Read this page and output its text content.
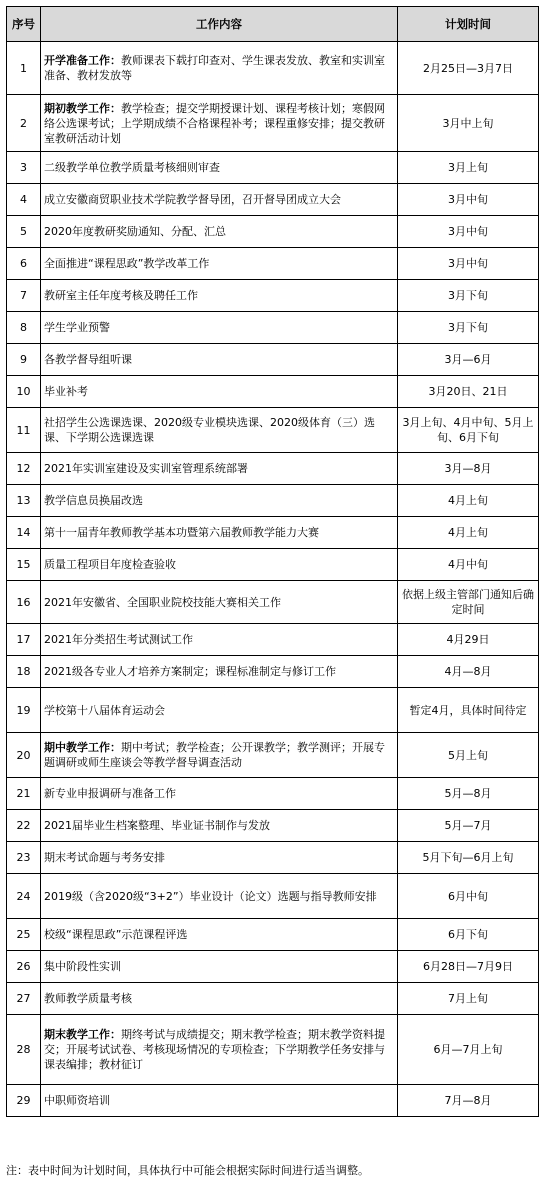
序号	工作内容	计划时间
1	开学准备工作：教师课表下载打印查对、学生课表发放、教室和实训室准备、教材发放等	2月25日—3月7日
2	期初教学工作：教学检查；提交学期授课计划、课程考核计划；寒假网络公选课考试；上学期成绩不合格课程补考；课程重修安排；提交教研室教研活动计划	3月中上旬
3	二级教学单位教学质量考核细则审查	3月上旬
4	成立安徽商贸职业技术学院教学督导团，召开督导团成立大会	3月中旬
5	2020年度教研奖励通知、分配、汇总	3月中旬
6	全面推进“课程思政”教学改革工作	3月中旬
7	教研室主任年度考核及聘任工作	3月下旬
8	学生学业预警	3月下旬
9	各教学督导组听课	3月—6月
10	毕业补考	3月20日、21日
11	社招学生公选课选课、2020级专业模块选课、2020级体育（三）选课、下学期公选课选课	3月上旬、4月中旬、5月上旬、6月下旬
12	2021年实训室建设及实训室管理系统部署	3月—8月
13	教学信息员换届改选	4月上旬
14	第十一届青年教师教学基本功暨第六届教师教学能力大赛	4月上旬
15	质量工程项目年度检查验收	4月中旬
16	2021年安徽省、全国职业院校技能大赛相关工作	依据上级主管部门通知后确定时间
17	2021年分类招生考试测试工作	4月29日
18	2021级各专业人才培养方案制定；课程标准制定与修订工作	4月—8月
19	学校第十八届体育运动会	暂定4月，具体时间待定
20	期中教学工作：期中考试；教学检查；公开课教学；教学测评；开展专题调研或师生座谈会等教学督导调查活动	5月上旬
21	新专业申报调研与准备工作	5月—8月
22	2021届毕业生档案整理、毕业证书制作与发放	5月—7月
23	期末考试命题与考务安排	5月下旬—6月上旬
24	2019级（含2020级“3+2”）毕业设计（论文）选题与指导教师安排	6月中旬
25	校级“课程思政”示范课程评选	6月下旬
26	集中阶段性实训	6月28日—7月9日
27	教师教学质量考核	7月上旬
28	期末教学工作：期终考试与成绩提交；期末教学检查；期末教学资料提交；开展考试试卷、考核现场情况的专项检查；下学期教学任务安排与课表编排；教材征订	6月—7月上旬
29	中职师资培训	7月—8月
注：表中时间为计划时间，具体执行中可能会根据实际时间进行适当调整。
